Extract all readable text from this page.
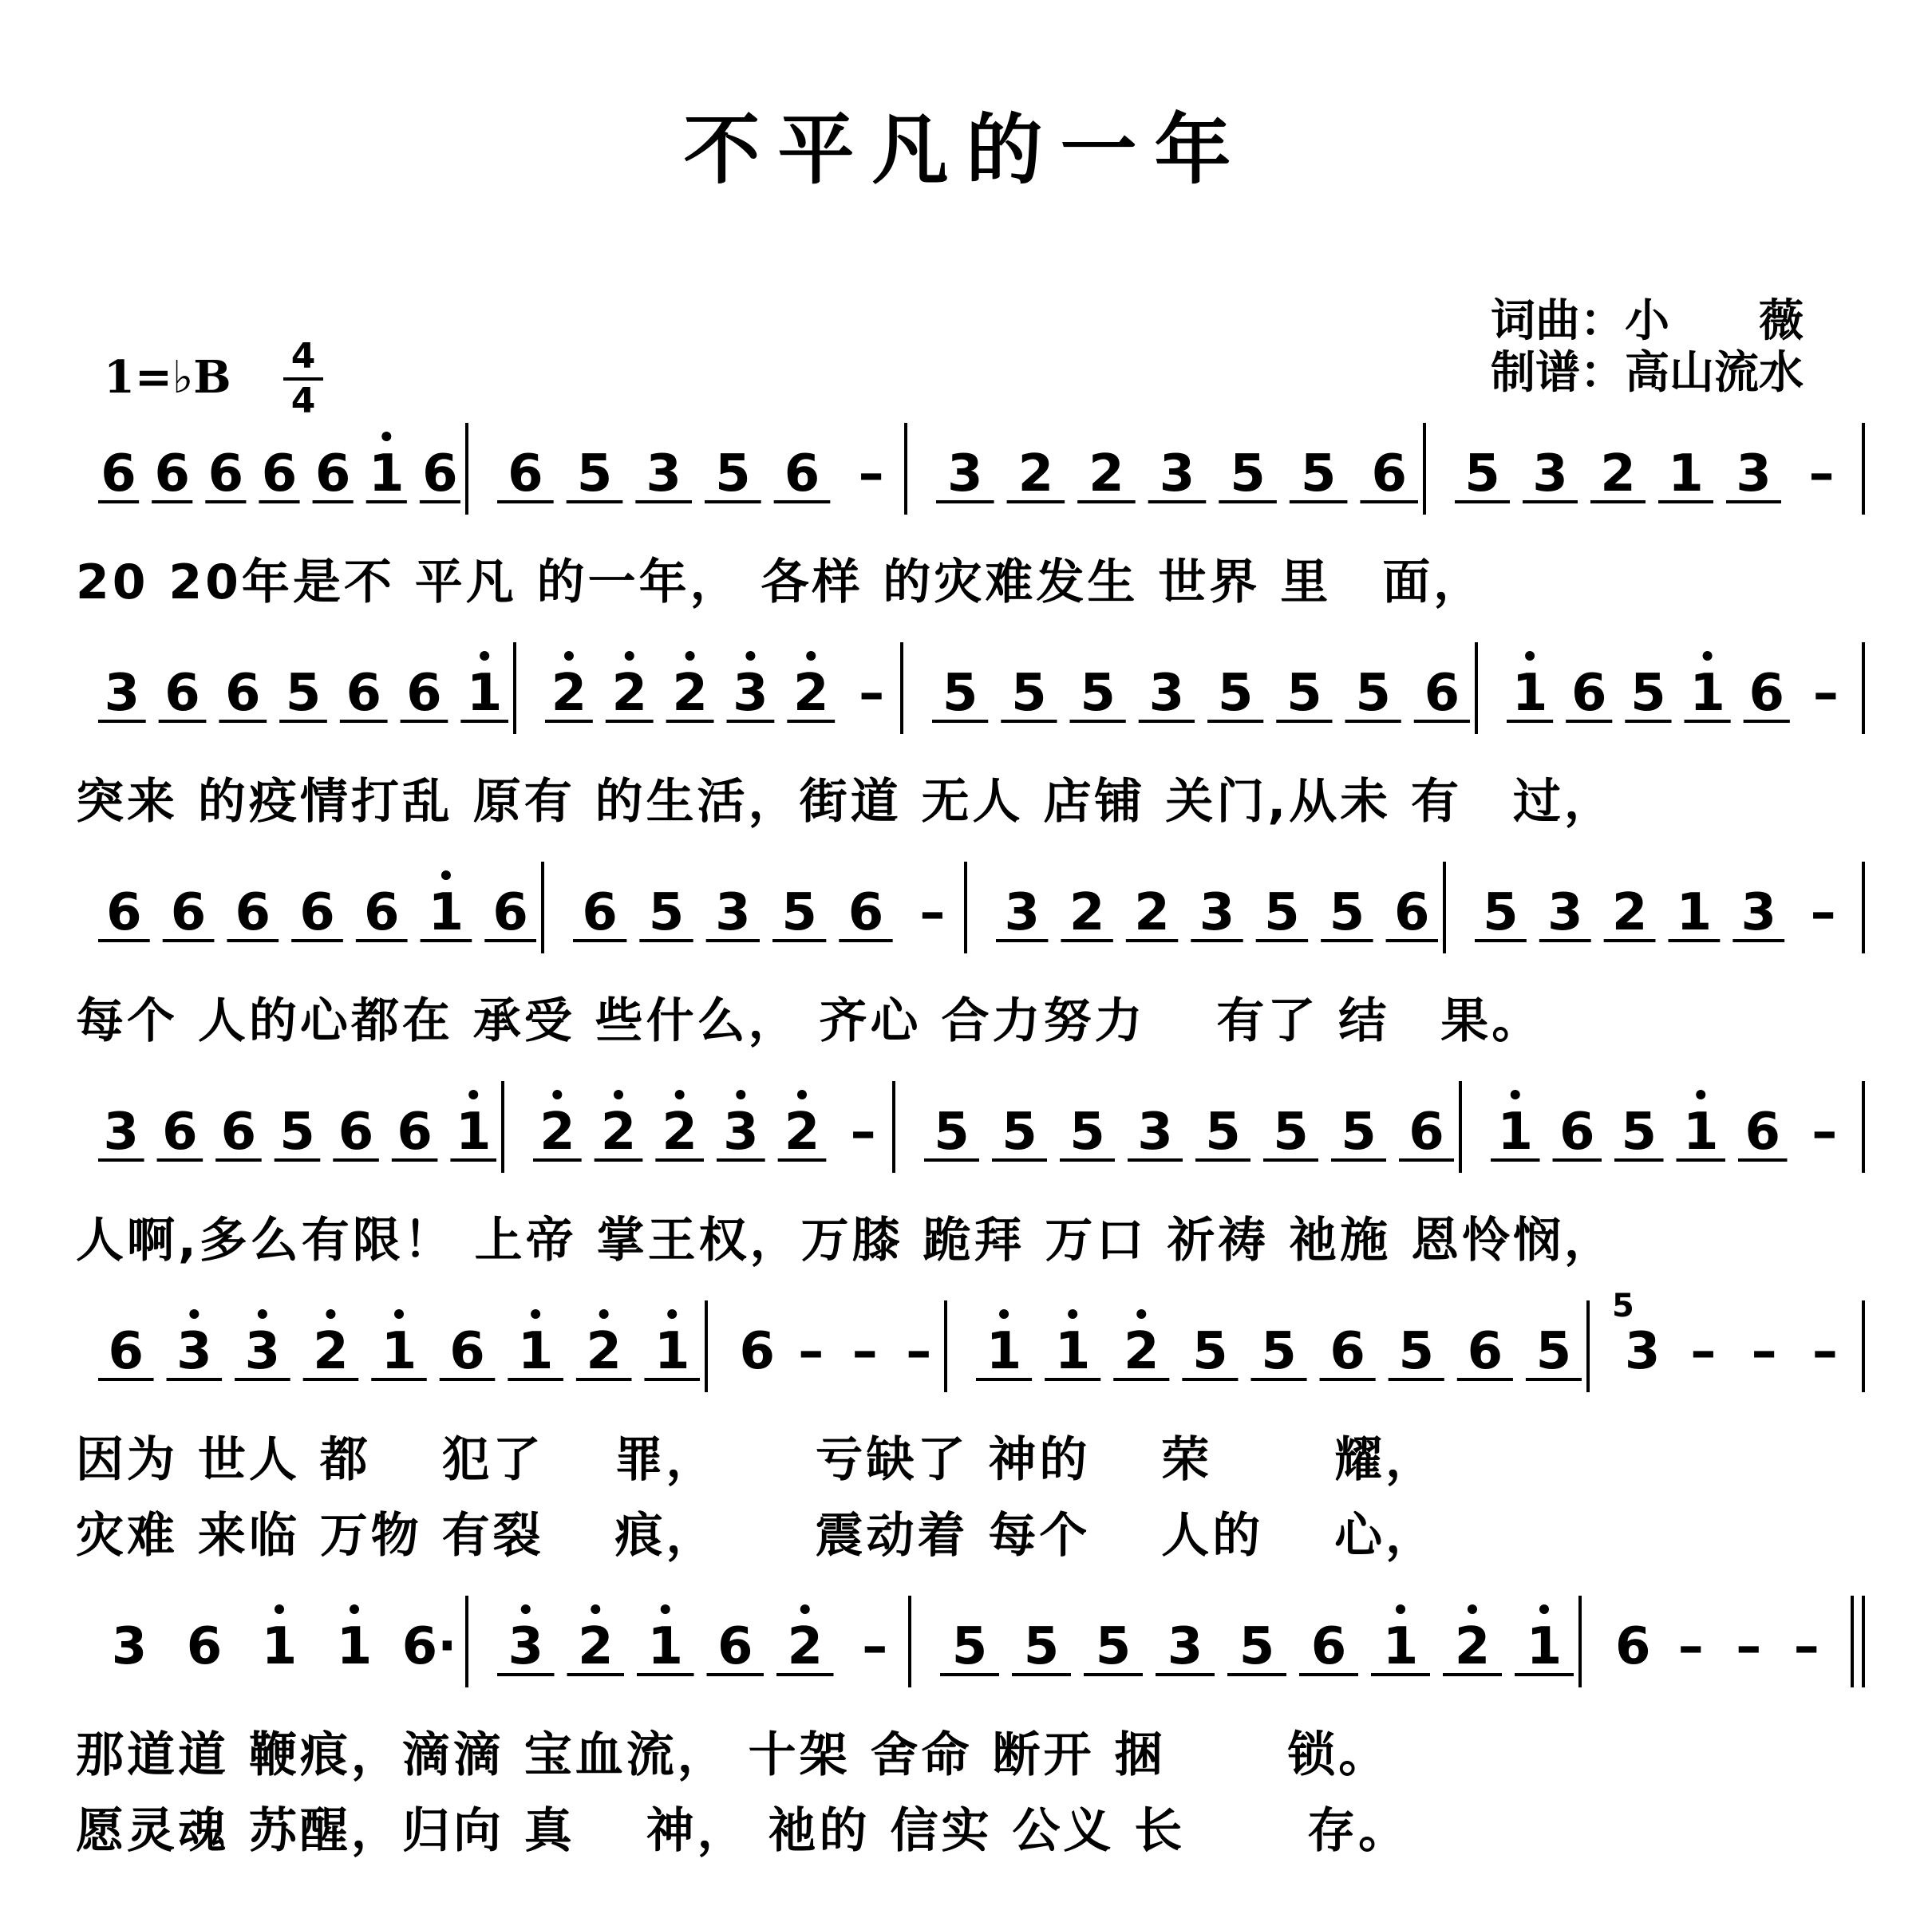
不平凡的一年
词曲：小　　薇
制谱：高山流水
1=♭B 4
4
6 6 6 6 6 1 6 6 5 3 5 6 – 3 2 2 3 5 5 6 5 3 2 1 3 –
3 6 6 5 6 6 1 2 2 2 3 2 – 5 5 5 3 5 5 5 6 1 6 5 1 6 –
6 6 6 6 6 1 6 6 5 3 5 6 – 3 2 2 3 5 5 6 5 3 2 1 3 –
3 6 6 5 6 6 1 2 2 2 3 2 – 5 5 5 3 5 5 5 6 1 6 5 1 6 –
6 3 3 2 1 6 1 2 1 6 – – – 1 1 2 5 5 6 5 6 5 3 – – –
3 6 1 1 6· 3 2 1 6 2 – 5 5 5 3 5 6 1 2 1 6 – – –
5
20 20年是不 平凡 的一年， 各样 的灾难发生 世界 里　面，
突来 的疫情打乱 原有 的生活，街道 无人 店铺 关门,从未 有　过，
每个 人的心都在 承受 些什么， 齐心 合力努力　 有了 结　果。
人啊,多么有限！ 上帝 掌王权，万膝 跪拜 万口 祈祷 祂施 恩怜悯，
因为 世人 都　 犯了　 罪，　　 亏缺了 神的　 荣　　 耀，
灾难 来临 万物 有裂　 痕，　　 震动着 每个　 人的　 心，
那道道 鞭痕，滴滴 宝血流， 十架 舍命 断开 捆　　 锁。
愿灵魂 苏醒，归向 真　 神， 祂的 信实 公义 长　　 存。
